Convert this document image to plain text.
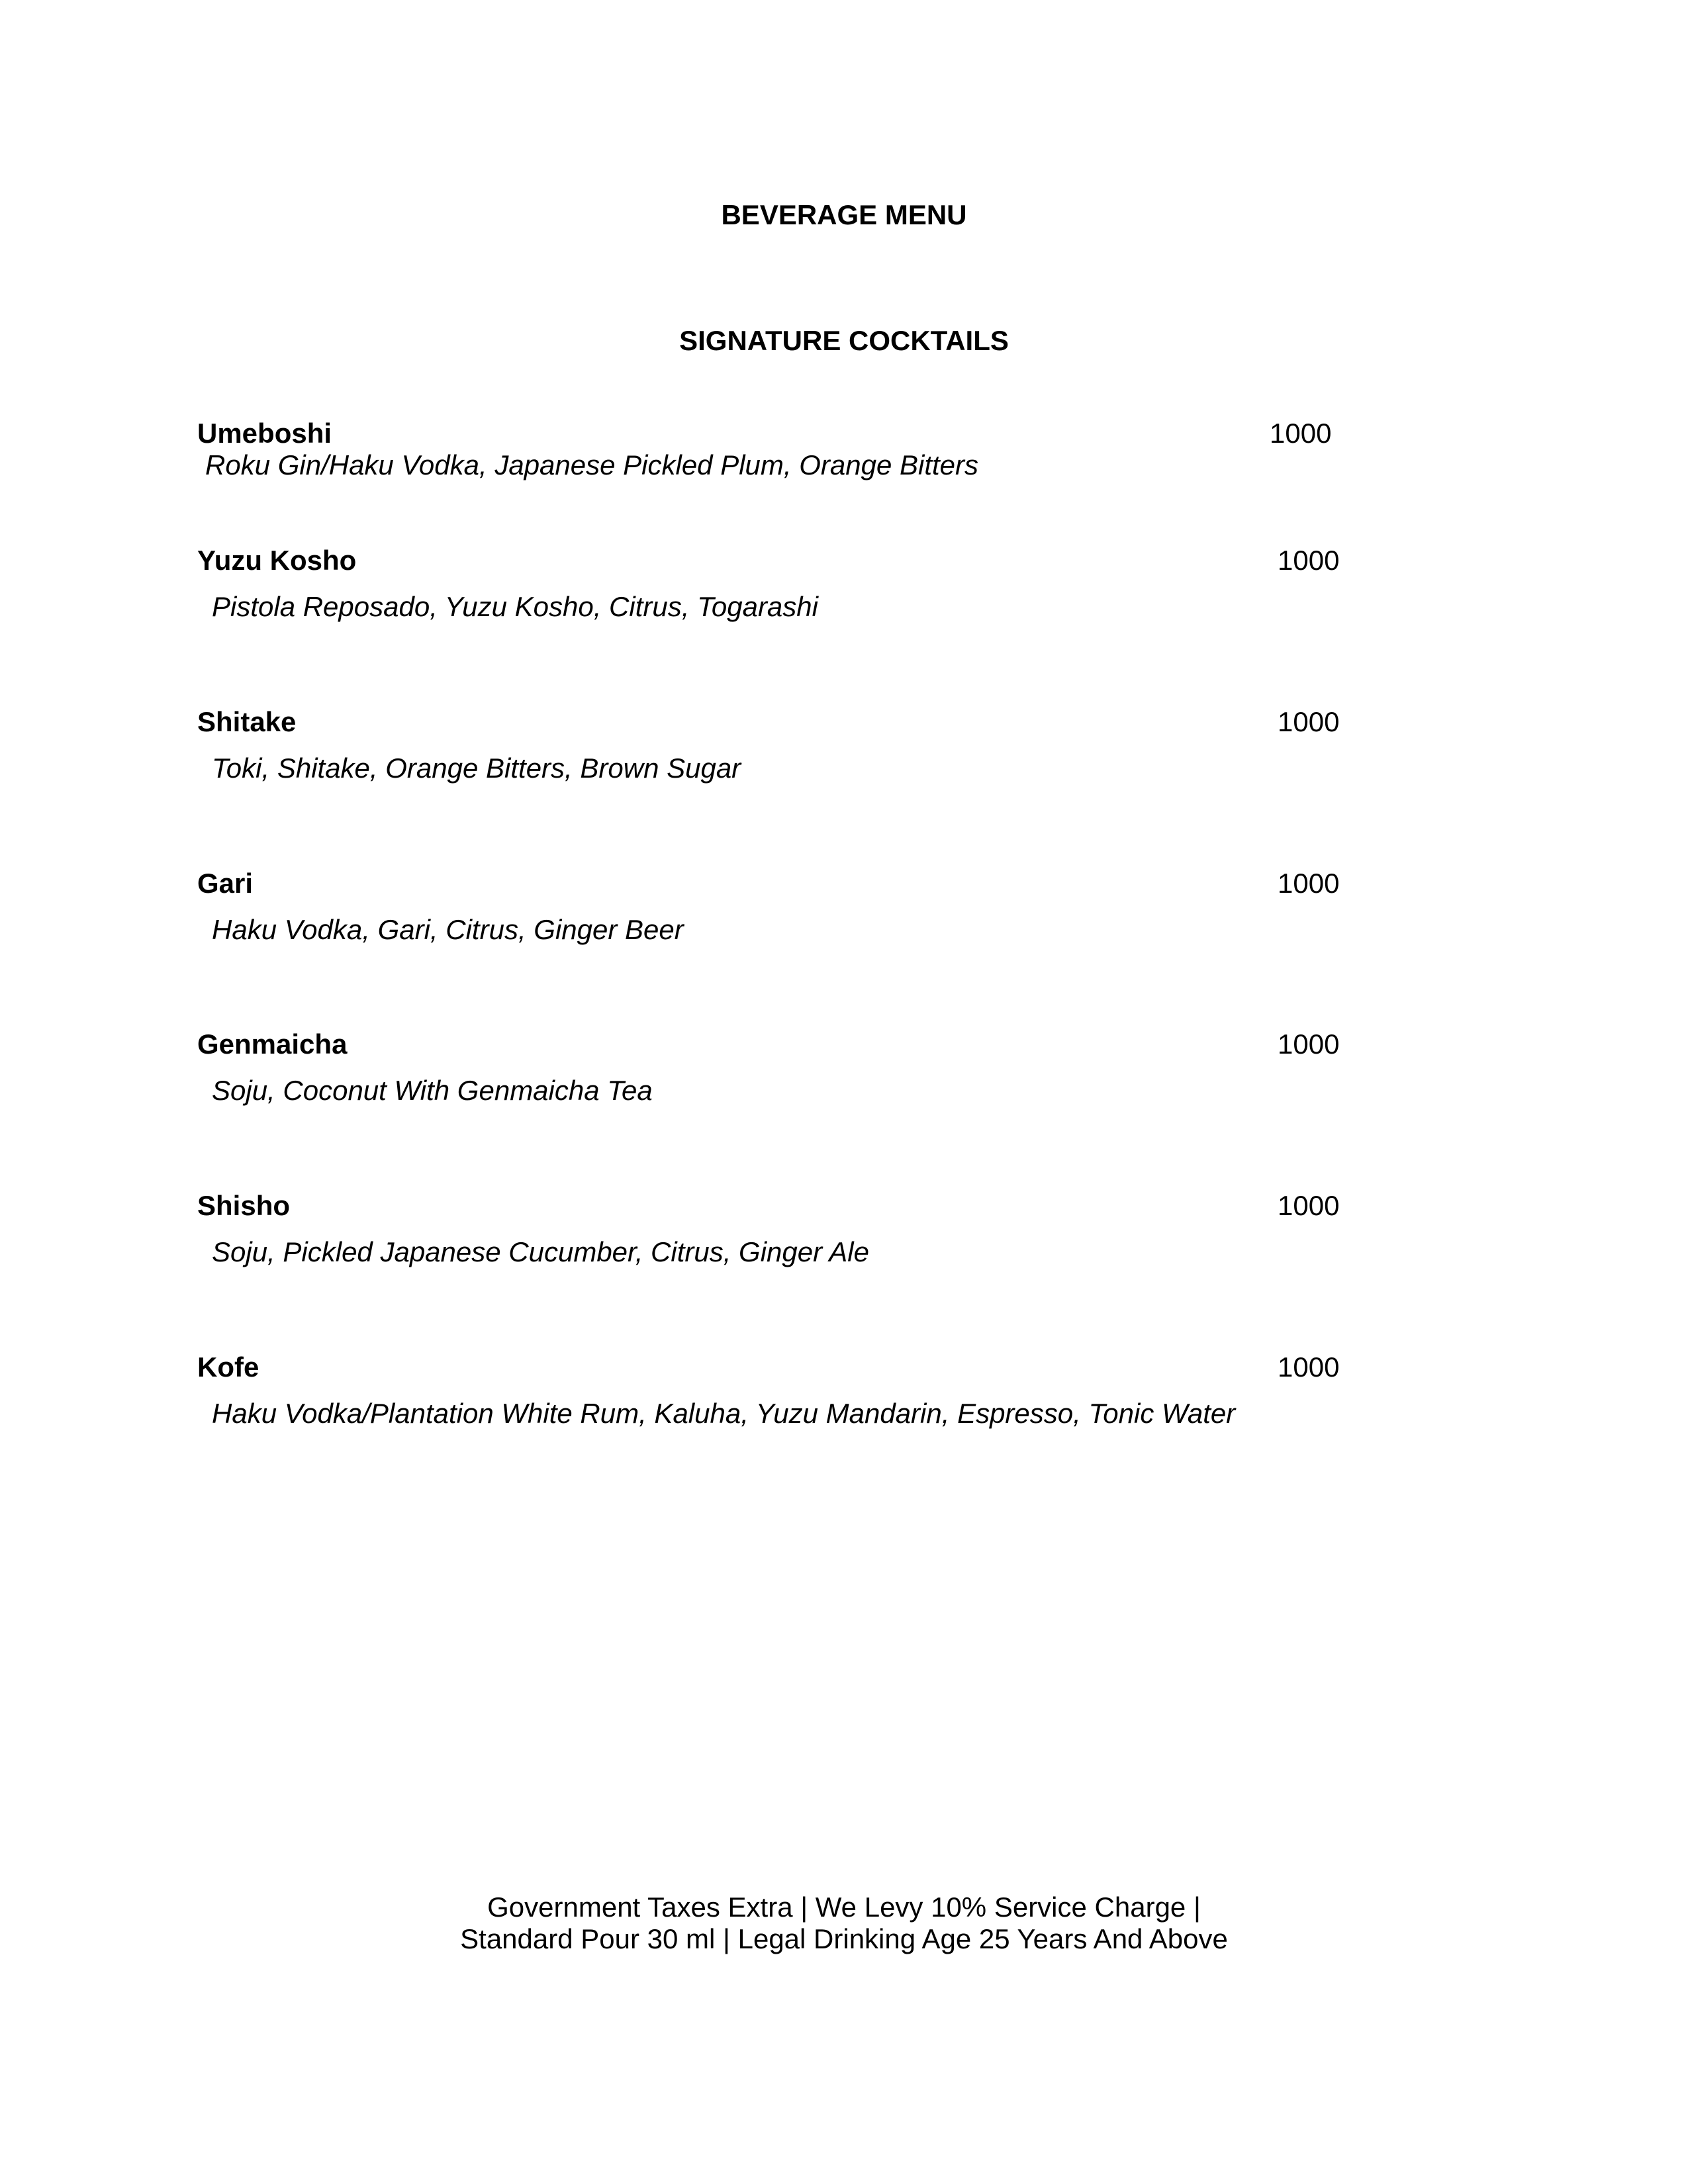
BEVERAGE MENU
SIGNATURE COCKTAILS
Umeboshi	1000
Roku Gin/Haku Vodka, Japanese Pickled Plum, Orange Bitters
Yuzu Kosho	1000
Pistola Reposado, Yuzu Kosho, Citrus, Togarashi
Shitake	1000
Toki, Shitake, Orange Bitters, Brown Sugar
Gari	1000
Haku Vodka, Gari, Citrus, Ginger Beer
Genmaicha	1000
Soju, Coconut With Genmaicha Tea
Shisho	1000
Soju, Pickled Japanese Cucumber, Citrus, Ginger Ale
Kofe	1000
Haku Vodka/Plantation White Rum, Kaluha, Yuzu Mandarin, Espresso, Tonic Water
Government Taxes Extra | We Levy 10% Service Charge |
Standard Pour 30 ml | Legal Drinking Age 25 Years And Above
